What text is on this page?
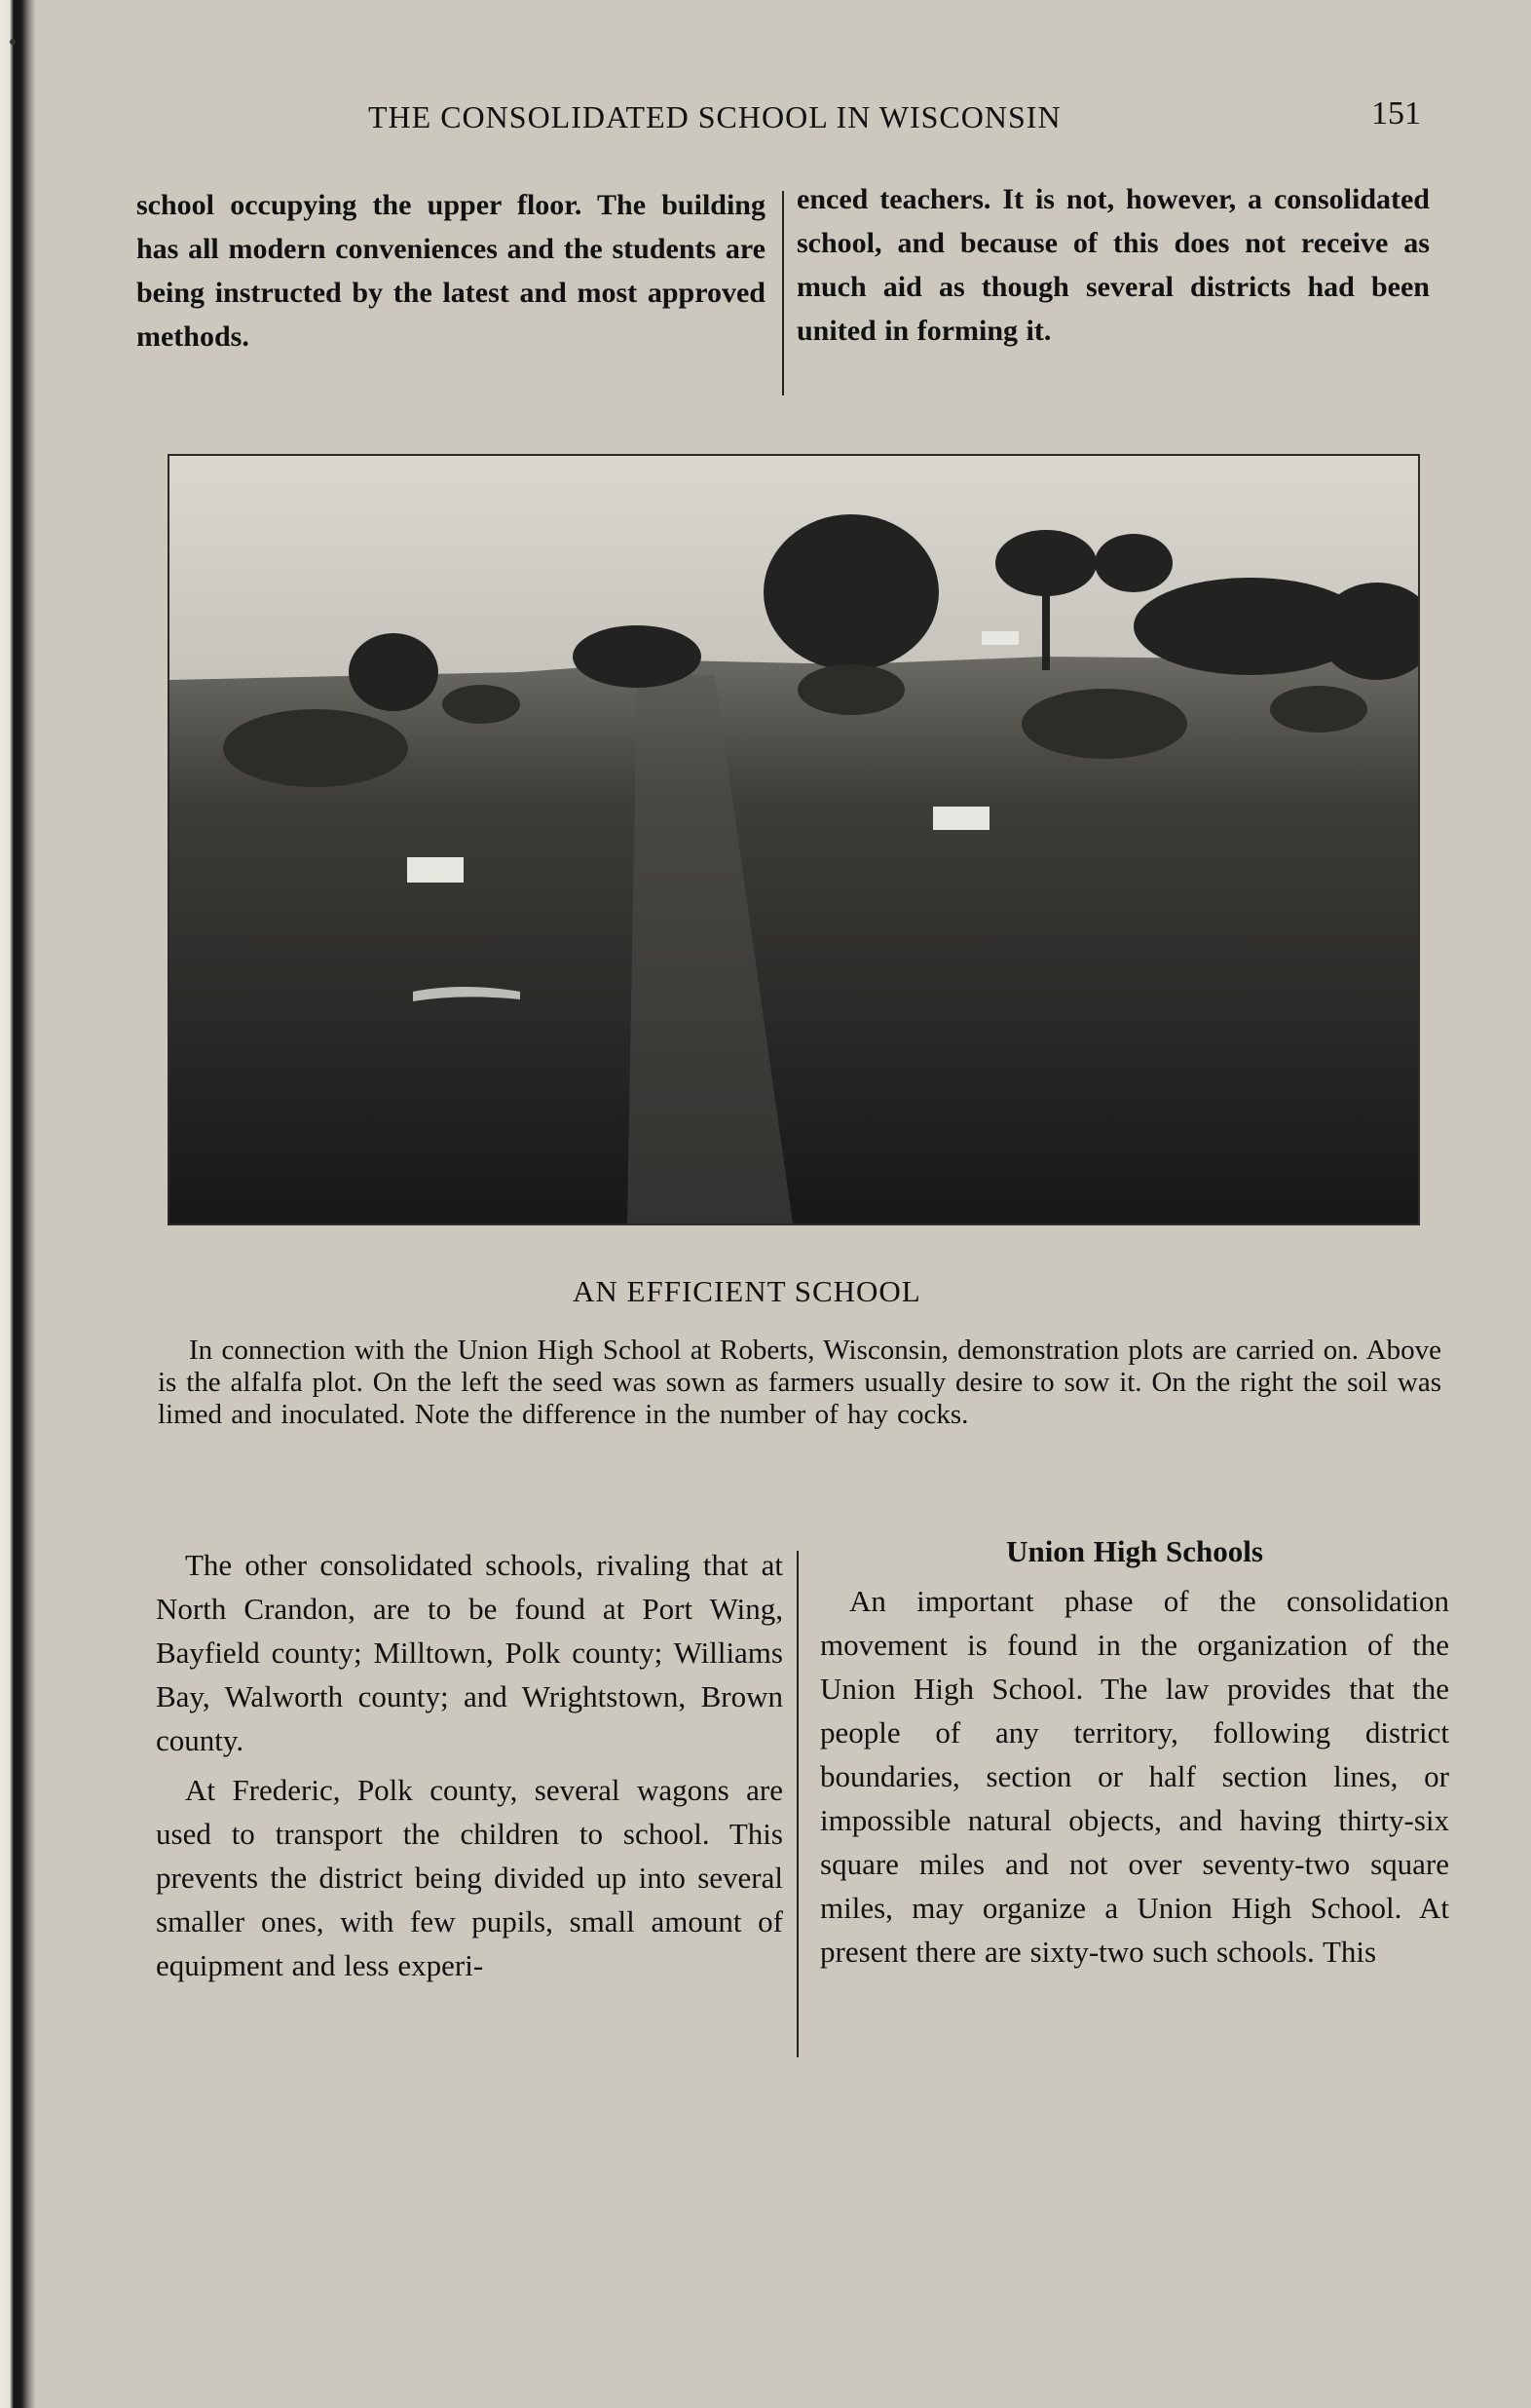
THE CONSOLIDATED SCHOOL IN WISCONSIN	151

school occupying the upper floor. The building has all modern conveniences and the students are being instructed by the latest and most approved methods.

enced teachers. It is not, however, a consolidated school, and because of this does not receive as much aid as though several districts had been united in forming it.

AN EFFICIENT SCHOOL

In connection with the Union High School at Roberts, Wisconsin, demonstration plots are carried on. Above is the alfalfa plot. On the left the seed was sown as farmers usually desire to sow it. On the right the soil was limed and inoculated. Note the difference in the number of hay cocks.

The other consolidated schools, rivaling that at North Crandon, are to be found at Port Wing, Bayfield county; Milltown, Polk county; Williams Bay, Walworth county; and Wrightstown, Brown county.

At Frederic, Polk county, several wagons are used to transport the children to school. This prevents the district being divided up into several smaller ones, with few pupils, small amount of equipment and less experi-

Union High Schools

An important phase of the consolidation movement is found in the organization of the Union High School. The law provides that the people of any territory, following district boundaries, section or half section lines, or impossible natural objects, and having thirty-six square miles and not over seventy-two square miles, may organize a Union High School. At present there are sixty-two such schools. This
